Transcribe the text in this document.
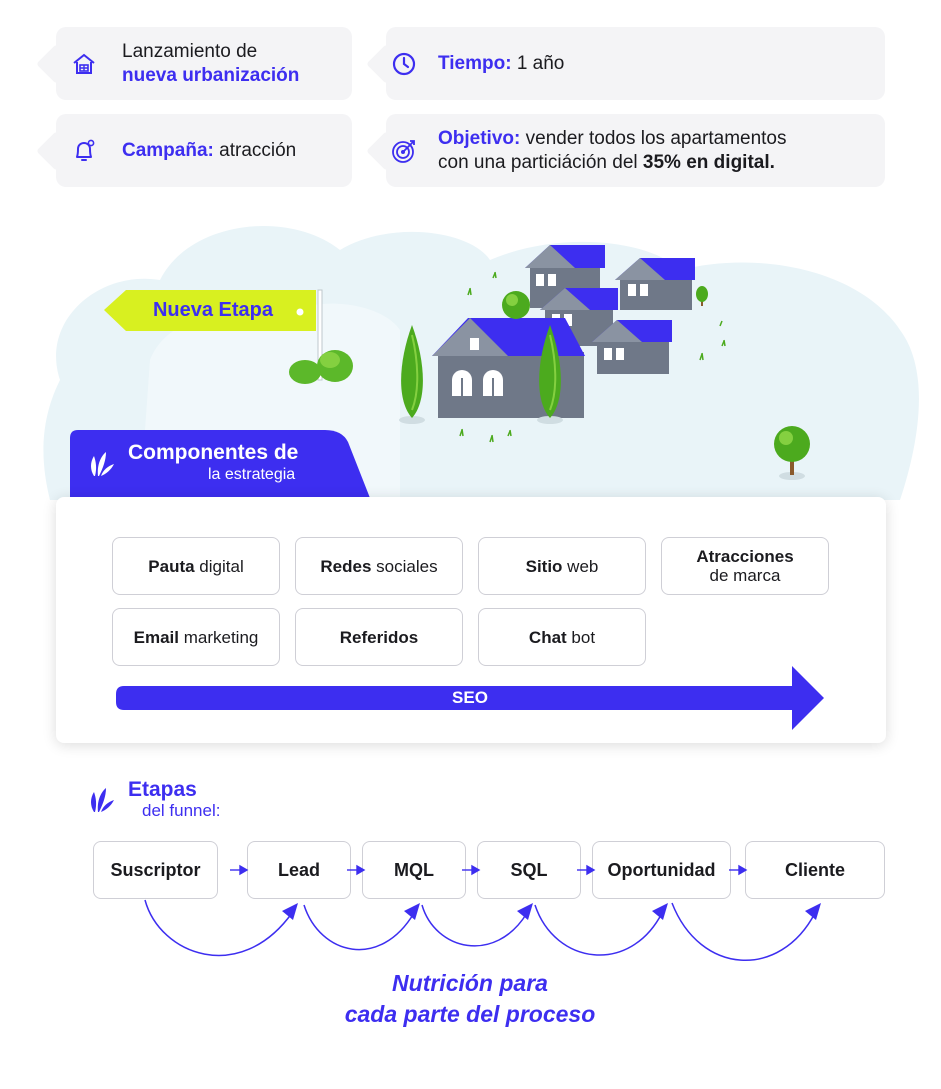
Lanzamiento de
nueva urbanización
Tiempo: 1 año
Campaña: atracción
Objetivo: vender todos los apartamentos
con una particiáción del 35% en digital.
Nueva Etapa
Componentes de
la estrategia
Pauta digital	Redes sociales	Sitio web	Atracciones
de marca
Email marketing	Referidos	Chat bot
SEO
Etapas
del funnel:
Suscriptor	Lead	MQL	SQL	Oportunidad	Cliente
Nutrición para
cada parte del proceso
